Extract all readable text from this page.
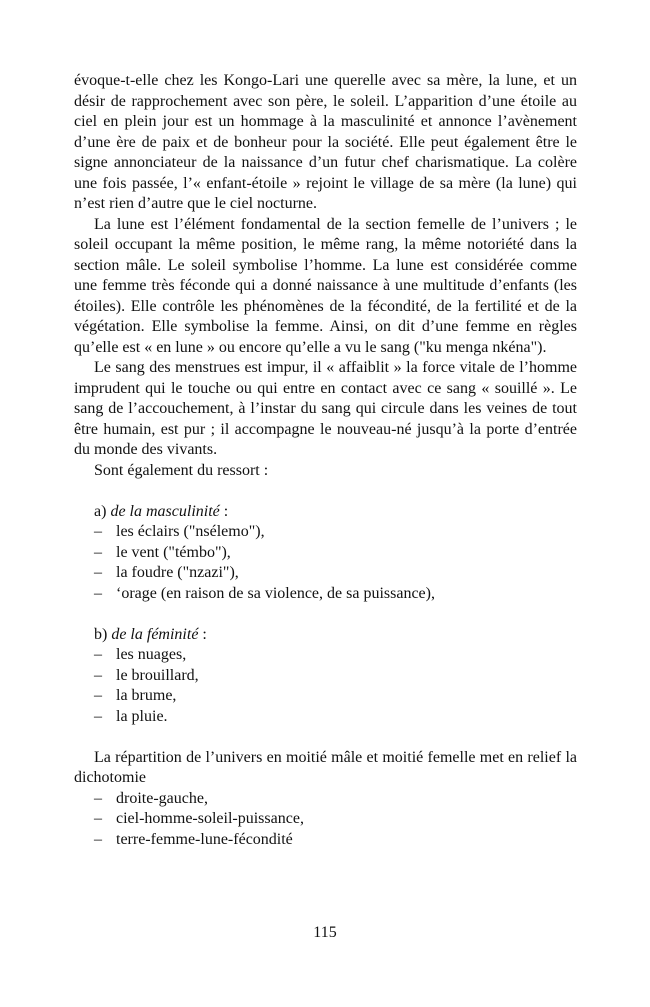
évoque-t-elle chez les Kongo-Lari une querelle avec sa mère, la lune, et un désir de rapprochement avec son père, le soleil. L’apparition d’une étoile au ciel en plein jour est un hommage à la masculinité et annonce l’avènement d’une ère de paix et de bonheur pour la société. Elle peut également être le signe annonciateur de la naissance d’un futur chef charismatique. La colère une fois passée, l’« enfant-étoile » rejoint le village de sa mère (la lune) qui n’est rien d’autre que le ciel nocturne.

La lune est l’élément fondamental de la section femelle de l’univers ; le soleil occupant la même position, le même rang, la même notoriété dans la section mâle. Le soleil symbolise l’homme. La lune est considérée comme une femme très féconde qui a donné naissance à une multitude d’enfants (les étoiles). Elle contrôle les phénomènes de la fécondité, de la fertilité et de la végétation. Elle symbolise la femme. Ainsi, on dit d’une femme en règles qu’elle est « en lune » ou encore qu’elle a vu le sang ("ku menga nkéna").

Le sang des menstrues est impur, il « affaiblit » la force vitale de l’homme imprudent qui le touche ou qui entre en contact avec ce sang « souillé ». Le sang de l’accouchement, à l’instar du sang qui circule dans les veines de tout être humain, est pur ; il accompagne le nouveau-né jusqu’à la porte d’entrée du monde des vivants.

Sont également du ressort :

a) de la masculinité :
– les éclairs ("nsélemo"),
– le vent ("témbo"),
– la foudre ("nzazi"),
– ‘orage (en raison de sa violence, de sa puissance),
b) de la féminité :
– les nuages,
– le brouillard,
– la brume,
– la pluie.

La répartition de l’univers en moitié mâle et moitié femelle met en relief la dichotomie

– droite-gauche,
– ciel-homme-soleil-puissance,
– terre-femme-lune-fécondité
115
